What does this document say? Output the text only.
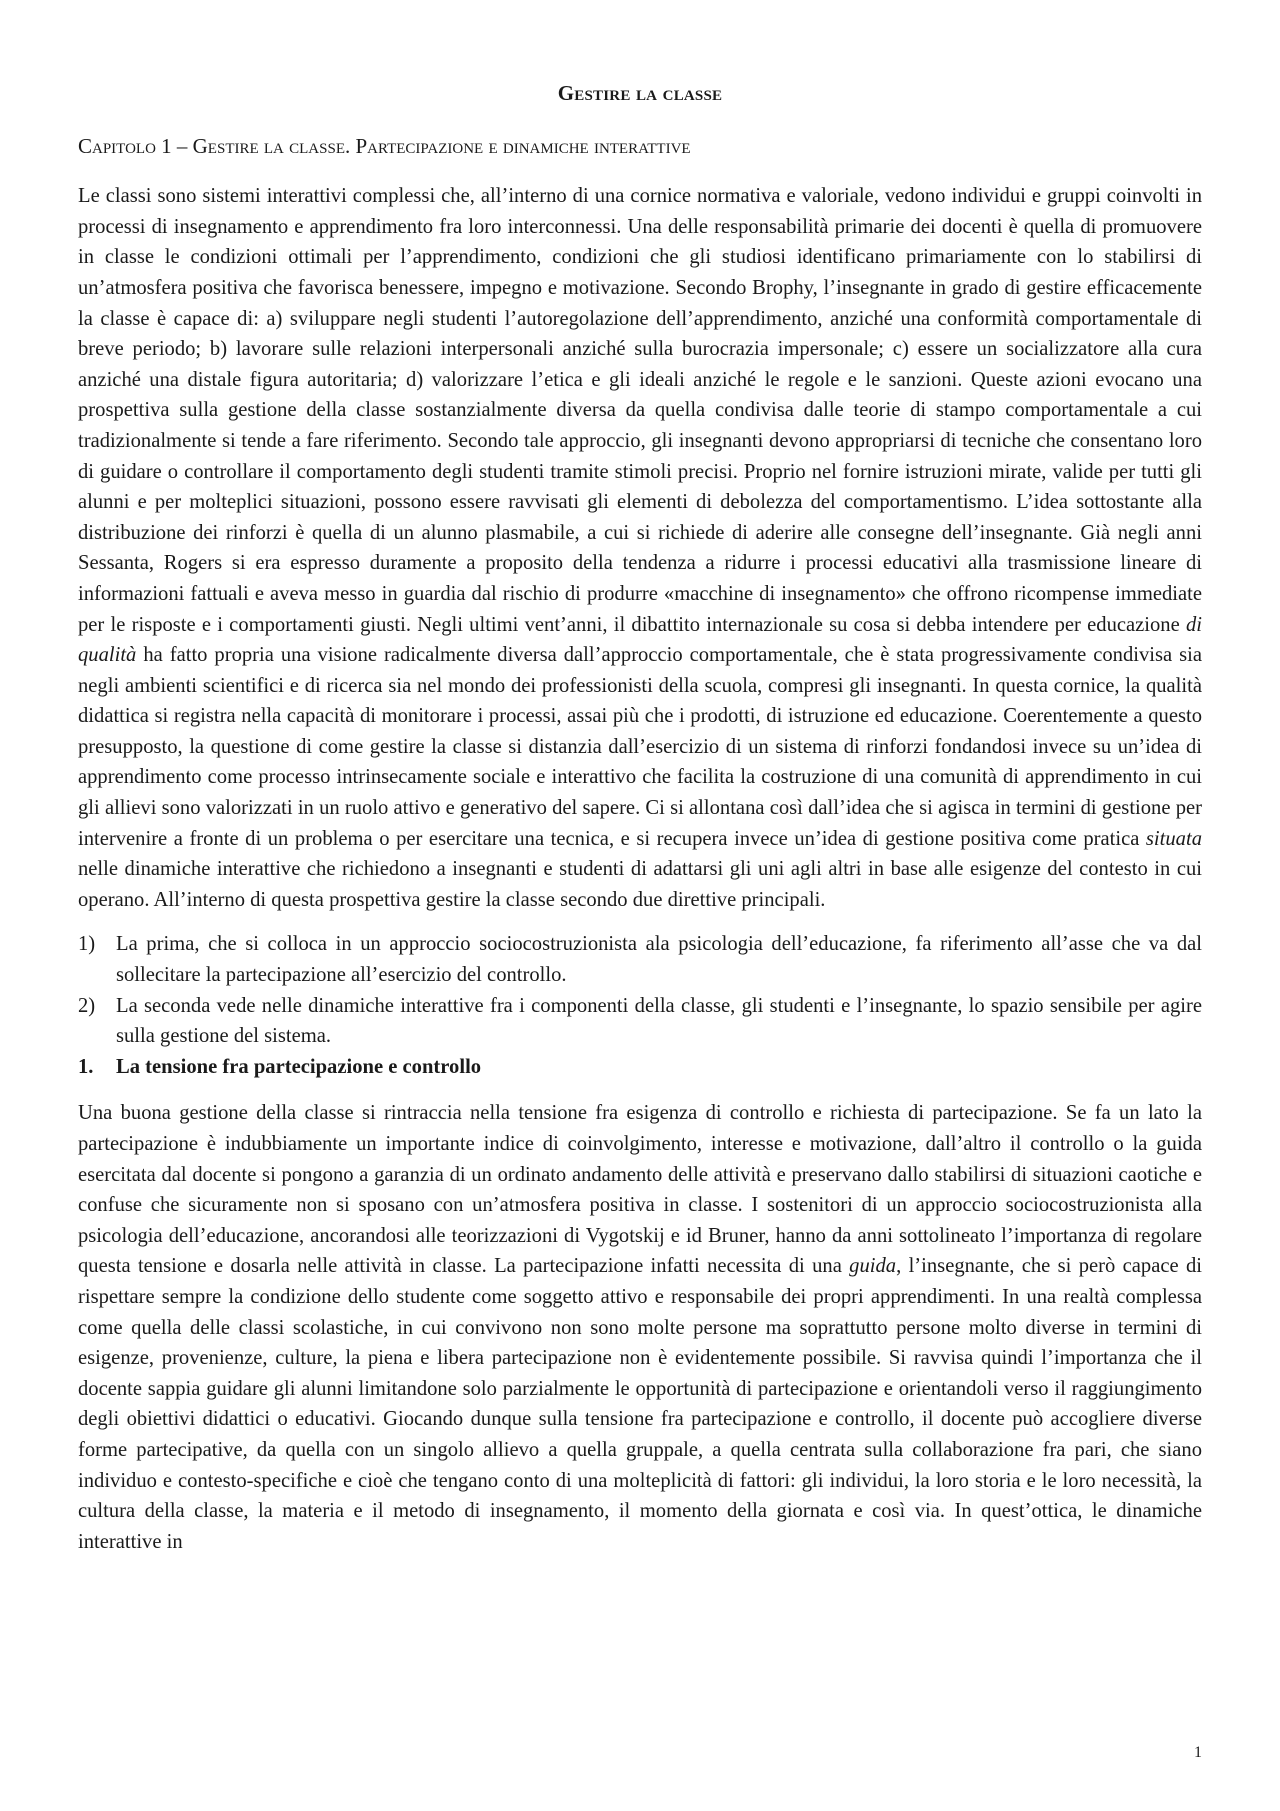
Gestire la classe
Capitolo 1 – Gestire la classe. Partecipazione e dinamiche interattive

Le classi sono sistemi interattivi complessi che, all’interno di una cornice normativa e valoriale, vedono individui e gruppi coinvolti in processi di insegnamento e apprendimento fra loro interconnessi. Una delle responsabilità primarie dei docenti è quella di promuovere in classe le condizioni ottimali per l’apprendimento, condizioni che gli studiosi identificano primariamente con lo stabilirsi di un’atmosfera positiva che favorisca benessere, impegno e motivazione. Secondo Brophy, l’insegnante in grado di gestire efficacemente la classe è capace di: a) sviluppare negli studenti l’autoregolazione dell’apprendimento, anziché una conformità comportamentale di breve periodo; b) lavorare sulle relazioni interpersonali anziché sulla burocrazia impersonale; c) essere un socializzatore alla cura anziché una distale figura autoritaria; d) valorizzare l’etica e gli ideali anziché le regole e le sanzioni. Queste azioni evocano una prospettiva sulla gestione della classe sostanzialmente diversa da quella condivisa dalle teorie di stampo comportamentale a cui tradizionalmente si tende a fare riferimento. Secondo tale approccio, gli insegnanti devono appropriarsi di tecniche che consentano loro di guidare o controllare il comportamento degli studenti tramite stimoli precisi. Proprio nel fornire istruzioni mirate, valide per tutti gli alunni e per molteplici situazioni, possono essere ravvisati gli elementi di debolezza del comportamentismo. L’idea sottostante alla distribuzione dei rinforzi è quella di un alunno plasmabile, a cui si richiede di aderire alle consegne dell’insegnante. Già negli anni Sessanta, Rogers si era espresso duramente a proposito della tendenza a ridurre i processi educativi alla trasmissione lineare di informazioni fattuali e aveva messo in guardia dal rischio di produrre «macchine di insegnamento» che offrono ricompense immediate per le risposte e i comportamenti giusti. Negli ultimi vent’anni, il dibattito internazionale su cosa si debba intendere per educazione di qualità ha fatto propria una visione radicalmente diversa dall’approccio comportamentale, che è stata progressivamente condivisa sia negli ambienti scientifici e di ricerca sia nel mondo dei professionisti della scuola, compresi gli insegnanti. In questa cornice, la qualità didattica si registra nella capacità di monitorare i processi, assai più che i prodotti, di istruzione ed educazione. Coerentemente a questo presupposto, la questione di come gestire la classe si distanzia dall’esercizio di un sistema di rinforzi fondandosi invece su un’idea di apprendimento come processo intrinsecamente sociale e interattivo che facilita la costruzione di una comunità di apprendimento in cui gli allievi sono valorizzati in un ruolo attivo e generativo del sapere. Ci si allontana così dall’idea che si agisca in termini di gestione per intervenire a fronte di un problema o per esercitare una tecnica, e si recupera invece un’idea di gestione positiva come pratica situata nelle dinamiche interattive che richiedono a insegnanti e studenti di adattarsi gli uni agli altri in base alle esigenze del contesto in cui operano. All’interno di questa prospettiva gestire la classe secondo due direttive principali.

1) La prima, che si colloca in un approccio sociocostruzionista ala psicologia dell’educazione, fa riferimento all’asse che va dal sollecitare la partecipazione all’esercizio del controllo.
2) La seconda vede nelle dinamiche interattive fra i componenti della classe, gli studenti e l’insegnante, lo spazio sensibile per agire sulla gestione del sistema.
1. La tensione fra partecipazione e controllo

Una buona gestione della classe si rintraccia nella tensione fra esigenza di controllo e richiesta di partecipazione. Se fa un lato la partecipazione è indubbiamente un importante indice di coinvolgimento, interesse e motivazione, dall’altro il controllo o la guida esercitata dal docente si pongono a garanzia di un ordinato andamento delle attività e preservano dallo stabilirsi di situazioni caotiche e confuse che sicuramente non si sposano con un’atmosfera positiva in classe. I sostenitori di un approccio sociocostruzionista alla psicologia dell’educazione, ancorandosi alle teorizzazioni di Vygotskij e id Bruner, hanno da anni sottolineato l’importanza di regolare questa tensione e dosarla nelle attività in classe. La partecipazione infatti necessita di una guida, l’insegnante, che si però capace di rispettare sempre la condizione dello studente come soggetto attivo e responsabile dei propri apprendimenti. In una realtà complessa come quella delle classi scolastiche, in cui convivono non sono molte persone ma soprattutto persone molto diverse in termini di esigenze, provenienze, culture, la piena e libera partecipazione non è evidentemente possibile. Si ravvisa quindi l’importanza che il docente sappia guidare gli alunni limitandone solo parzialmente le opportunità di partecipazione e orientandoli verso il raggiungimento degli obiettivi didattici o educativi. Giocando dunque sulla tensione fra partecipazione e controllo, il docente può accogliere diverse forme partecipative, da quella con un singolo allievo a quella gruppale, a quella centrata sulla collaborazione fra pari, che siano individuo e contesto-specifiche e cioè che tengano conto di una molteplicità di fattori: gli individui, la loro storia e le loro necessità, la cultura della classe, la materia e il metodo di insegnamento, il momento della giornata e così via. In quest’ottica, le dinamiche interattive in

1
